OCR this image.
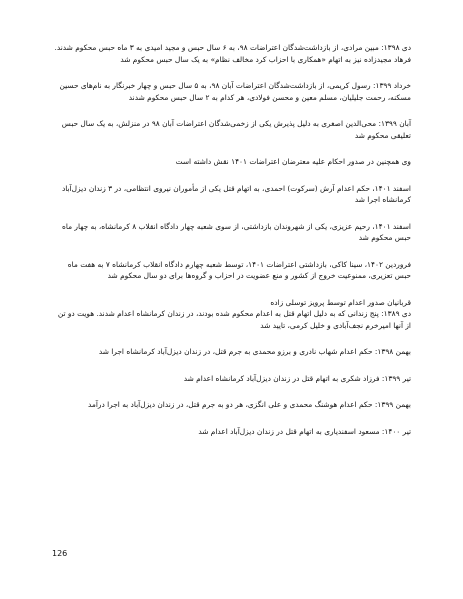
دی ۱۳۹۸: مبین مرادی، از بازداشت‌شدگان اعتراضات ۹۸، به ۶ سال حبس و مجید امیدی به ۳ ماه حبس محکوم شدند. فرهاد مجیدزاده نیز به اتهام «همکاری با احزاب کرد مخالف نظام» به یک سال حبس محکوم شد

خرداد ۱۳۹۹: رسول کریمی، از بازداشت‌شدگان اعتراضات آبان ۹۸، به ۵ سال حبس و چهار خبرنگار به نام‌های حسین مسکنه، رحمت جلیلیان، مسلم معین و محسن فولادی، هر کدام به ۲ سال حبس محکوم شدند

آبان ۱۳۹۹: محی‌الدین اصغری به دلیل پذیرش یکی از زخمی‌شدگان اعتراضات آبان ۹۸ در منزلش، به یک سال حبس تعلیقی محکوم شد

وی همچنین در صدور احکام علیه معترضان اعتراضات ۱۴۰۱ نقش داشته است

اسفند ۱۴۰۱، حکم اعدام آرش (سرکوت) احمدی، به اتهام قتل یکی از مأموران نیروی انتظامی، در ۳ زندان دیزل‌آباد کرمانشاه اجرا شد

اسفند ۱۴۰۱، رحیم عزیزی، یکی از شهروندان بازداشتی، از سوی شعبه چهار دادگاه انقلاب ۸ کرمانشاه، به چهار ماه حبس محکوم شد

فروردین ۱۴۰۲، سینا کاکی، بازداشتی اعتراضات ۱۴۰۱، توسط شعبه چهارم دادگاه انقلاب کرمانشاه ۷ به هفت ماه حبس تعزیری، ممنوعیت خروج از کشور و منع عضویت در احزاب و گروه‌ها برای دو سال محکوم شد

قربانیان صدور اعدام توسط پرویز توسلی زاده

دی ۱۳۸۹: پنج زندانی که به دلیل اتهام قتل به اعدام محکوم شده بودند، در زندان کرمانشاه اعدام شدند. هویت دو تن از آنها امیرخرم نجف‌آبادی و خلیل کرمی، تایید شد

بهمن ۱۳۹۸: حکم اعدام شهاب نادری و برزو محمدی به جرم قتل، در زندان دیزل‌آباد کرمانشاه اجرا شد

تیر ۱۳۹۹: فرزاد شکری به اتهام قتل در زندان دیزل‌آباد کرمانشاه اعدام شد

بهمن ۱۳۹۹: حکم اعدام هوشنگ محمدی و علی انگزی، هر دو به جرم قتل، در زندان دیزل‌آباد به اجرا درآمد

تیر ۱۴۰۰: مسعود اسفندیاری به اتهام قتل در زندان دیزل‌آباد اعدام شد

126
